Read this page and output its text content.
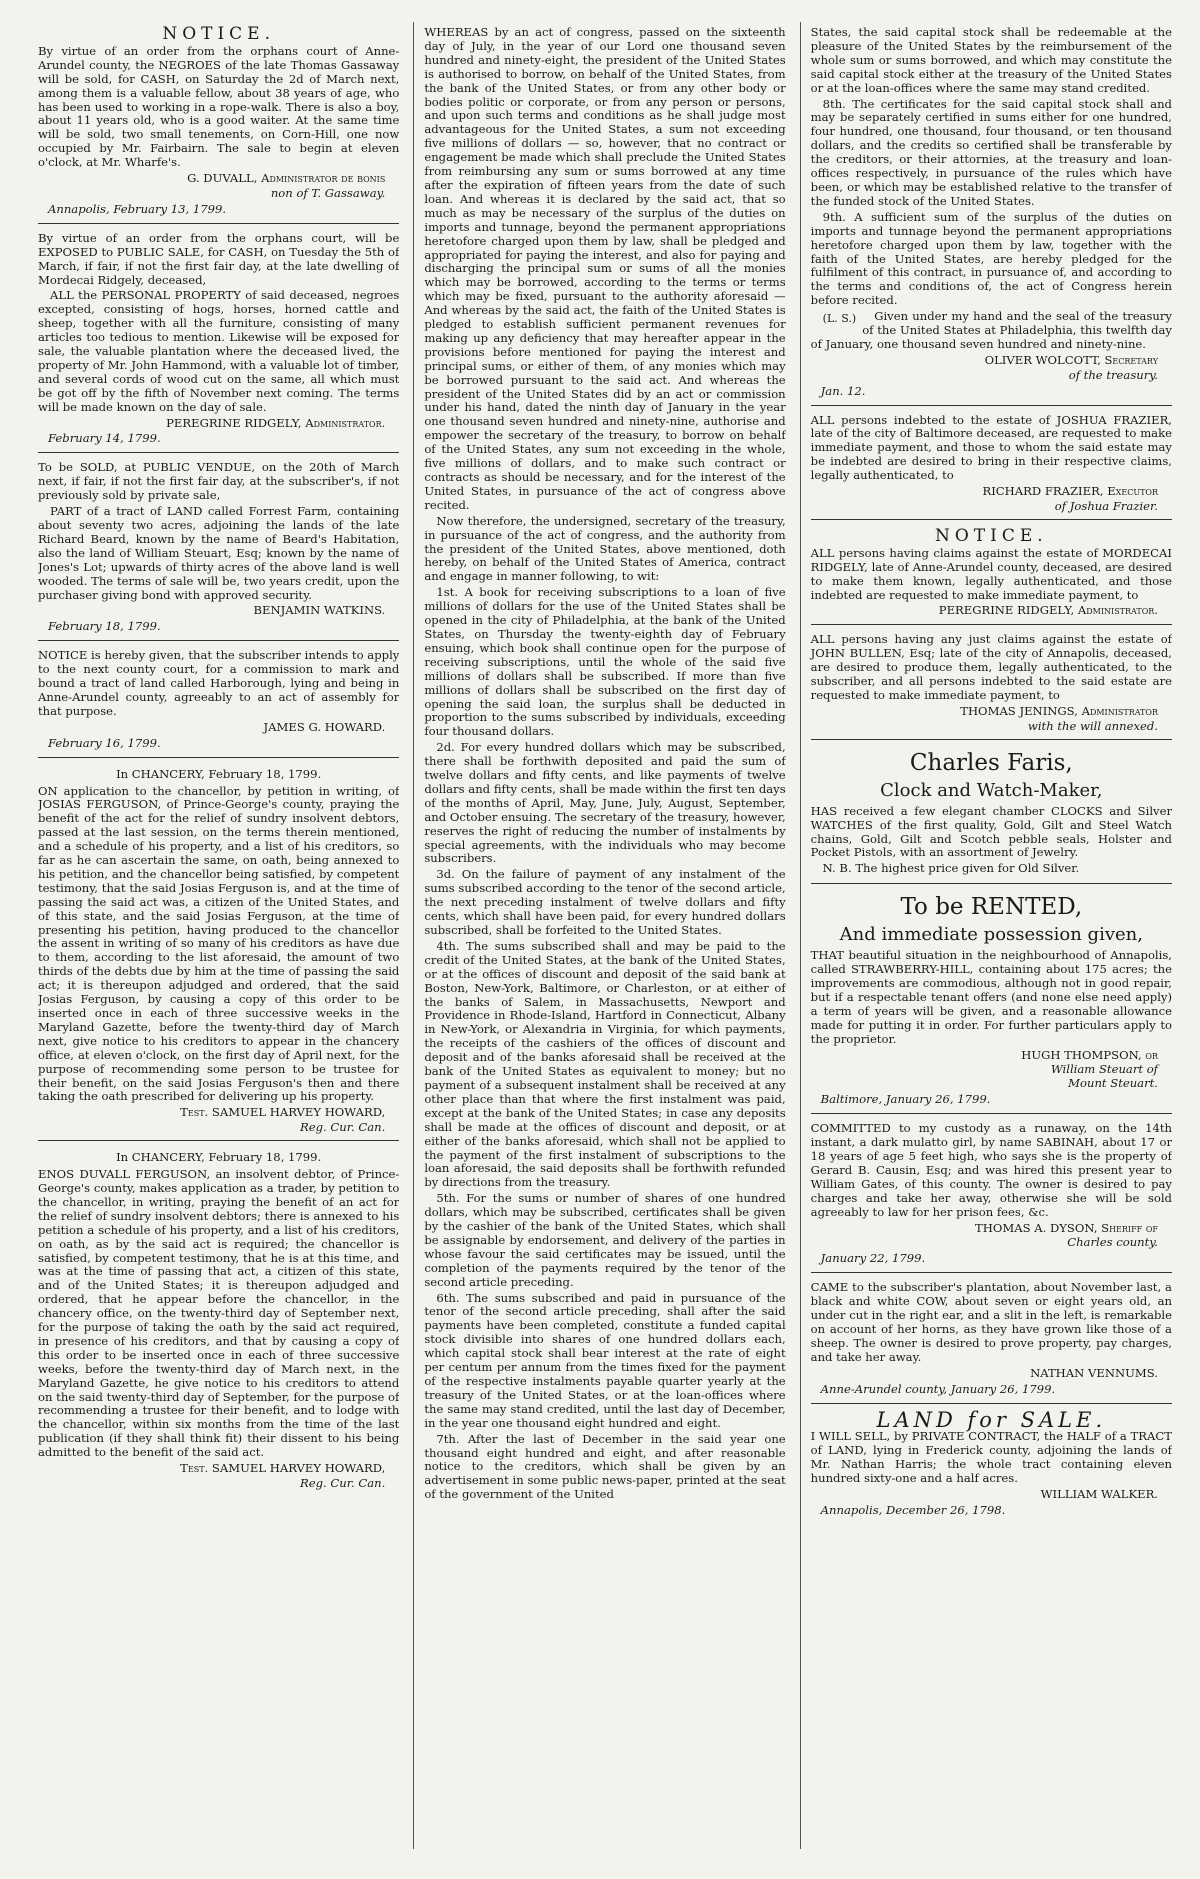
NOTICE.

By virtue of an order from the orphans court of Anne-Arundel county, the NEGROES of the late Thomas Gassaway will be sold, for CASH, on Saturday the 2d of March next, among them is a valuable fellow, about 38 years of age, who has been used to working in a rope-walk. There is also a boy, about 11 years old, who is a good waiter. At the same time will be sold, two small tenements, on Corn-Hill, one now occupied by Mr. Fairbairn. The sale to begin at eleven o'clock, at Mr. Wharfe's.

G. DUVALL, Administrator de bonis
non of T. Gassaway.
Annapolis, February 13, 1799.

By virtue of an order from the orphans court, will be EXPOSED to PUBLIC SALE, for CASH, on Tuesday the 5th of March, if fair, if not the first fair day, at the late dwelling of Mordecai Ridgely, deceased,

ALL the PERSONAL PROPERTY of said deceased, negroes excepted, consisting of hogs, horses, horned cattle and sheep, together with all the furniture, consisting of many articles too tedious to mention. Likewise will be exposed for sale, the valuable plantation where the deceased lived, the property of Mr. John Hammond, with a valuable lot of timber, and several cords of wood cut on the same, all which must be got off by the fifth of November next coming. The terms will be made known on the day of sale.

PEREGRINE RIDGELY, Administrator.
February 14, 1799.

To be SOLD, at PUBLIC VENDUE, on the 20th of March next, if fair, if not the first fair day, at the subscriber's, if not previously sold by private sale,

PART of a tract of LAND called Forrest Farm, containing about seventy two acres, adjoining the lands of the late Richard Beard, known by the name of Beard's Habitation, also the land of William Steuart, Esq; known by the name of Jones's Lot; upwards of thirty acres of the above land is well wooded. The terms of sale will be, two years credit, upon the purchaser giving bond with approved security.

BENJAMIN WATKINS.
February 18, 1799.

NOTICE is hereby given, that the subscriber intends to apply to the next county court, for a commission to mark and bound a tract of land called Harborough, lying and being in Anne-Arundel county, agreeably to an act of assembly for that purpose.

JAMES G. HOWARD.
February 16, 1799.
In CHANCERY, February 18, 1799.

ON application to the chancellor, by petition in writing, of JOSIAS FERGUSON, of Prince-George's county, praying the benefit of the act for the relief of sundry insolvent debtors, passed at the last session, on the terms therein mentioned, and a schedule of his property, and a list of his creditors, so far as he can ascertain the same, on oath, being annexed to his petition, and the chancellor being satisfied, by competent testimony, that the said Josias Ferguson is, and at the time of passing the said act was, a citizen of the United States, and of this state, and the said Josias Ferguson, at the time of presenting his petition, having produced to the chancellor the assent in writing of so many of his creditors as have due to them, according to the list aforesaid, the amount of two thirds of the debts due by him at the time of passing the said act; it is thereupon adjudged and ordered, that the said Josias Ferguson, by causing a copy of this order to be inserted once in each of three successive weeks in the Maryland Gazette, before the twenty-third day of March next, give notice to his creditors to appear in the chancery office, at eleven o'clock, on the first day of April next, for the purpose of recommending some person to be trustee for their benefit, on the said Josias Ferguson's then and there taking the oath prescribed for delivering up his property.

Test. SAMUEL HARVEY HOWARD,
Reg. Cur. Can.
In CHANCERY, February 18, 1799.

ENOS DUVALL FERGUSON, an insolvent debtor, of Prince-George's county, makes application as a trader, by petition to the chancellor, in writing, praying the benefit of an act for the relief of sundry insolvent debtors; there is annexed to his petition a schedule of his property, and a list of his creditors, on oath, as by the said act is required; the chancellor is satisfied, by competent testimony, that he is at this time, and was at the time of passing that act, a citizen of this state, and of the United States; it is thereupon adjudged and ordered, that he appear before the chancellor, in the chancery office, on the twenty-third day of September next, for the purpose of taking the oath by the said act required, in presence of his creditors, and that by causing a copy of this order to be inserted once in each of three successive weeks, before the twenty-third day of March next, in the Maryland Gazette, he give notice to his creditors to attend on the said twenty-third day of September, for the purpose of recommending a trustee for their benefit, and to lodge with the chancellor, within six months from the time of the last publication (if they shall think fit) their dissent to his being admitted to the benefit of the said act.

Test. SAMUEL HARVEY HOWARD,
Reg. Cur. Can.

WHEREAS by an act of congress, passed on the sixteenth day of July, in the year of our Lord one thousand seven hundred and ninety-eight, the president of the United States is authorised to borrow, on behalf of the United States, from the bank of the United States, or from any other body or bodies politic or corporate, or from any person or persons, and upon such terms and conditions as he shall judge most advantageous for the United States, a sum not exceeding five millions of dollars — so, however, that no contract or engagement be made which shall preclude the United States from reimbursing any sum or sums borrowed at any time after the expiration of fifteen years from the date of such loan. And whereas it is declared by the said act, that so much as may be necessary of the surplus of the duties on imports and tunnage, beyond the permanent appropriations heretofore charged upon them by law, shall be pledged and appropriated for paying the interest, and also for paying and discharging the principal sum or sums of all the monies which may be borrowed, according to the terms or terms which may be fixed, pursuant to the authority aforesaid — And whereas by the said act, the faith of the United States is pledged to establish sufficient permanent revenues for making up any deficiency that may hereafter appear in the provisions before mentioned for paying the interest and principal sums, or either of them, of any monies which may be borrowed pursuant to the said act. And whereas the president of the United States did by an act or commission under his hand, dated the ninth day of January in the year one thousand seven hundred and ninety-nine, authorise and empower the secretary of the treasury, to borrow on behalf of the United States, any sum not exceeding in the whole, five millions of dollars, and to make such contract or contracts as should be necessary, and for the interest of the United States, in pursuance of the act of congress above recited.

Now therefore, the undersigned, secretary of the treasury, in pursuance of the act of congress, and the authority from the president of the United States, above mentioned, doth hereby, on behalf of the United States of America, contract and engage in manner following, to wit:

1st. A book for receiving subscriptions to a loan of five millions of dollars for the use of the United States shall be opened in the city of Philadelphia, at the bank of the United States, on Thursday the twenty-eighth day of February ensuing, which book shall continue open for the purpose of receiving subscriptions, until the whole of the said five millions of dollars shall be subscribed. If more than five millions of dollars shall be subscribed on the first day of opening the said loan, the surplus shall be deducted in proportion to the sums subscribed by individuals, exceeding four thousand dollars.

2d. For every hundred dollars which may be subscribed, there shall be forthwith deposited and paid the sum of twelve dollars and fifty cents, and like payments of twelve dollars and fifty cents, shall be made within the first ten days of the months of April, May, June, July, August, September, and October ensuing. The secretary of the treasury, however, reserves the right of reducing the number of instalments by special agreements, with the individuals who may become subscribers.

3d. On the failure of payment of any instalment of the sums subscribed according to the tenor of the second article, the next preceding instalment of twelve dollars and fifty cents, which shall have been paid, for every hundred dollars subscribed, shall be forfeited to the United States.

4th. The sums subscribed shall and may be paid to the credit of the United States, at the bank of the United States, or at the offices of discount and deposit of the said bank at Boston, New-York, Baltimore, or Charleston, or at either of the banks of Salem, in Massachusetts, Newport and Providence in Rhode-Island, Hartford in Connecticut, Albany in New-York, or Alexandria in Virginia, for which payments, the receipts of the cashiers of the offices of discount and deposit and of the banks aforesaid shall be received at the bank of the United States as equivalent to money; but no payment of a subsequent instalment shall be received at any other place than that where the first instalment was paid, except at the bank of the United States; in case any deposits shall be made at the offices of discount and deposit, or at either of the banks aforesaid, which shall not be applied to the payment of the first instalment of subscriptions to the loan aforesaid, the said deposits shall be forthwith refunded by directions from the treasury.

5th. For the sums or number of shares of one hundred dollars, which may be subscribed, certificates shall be given by the cashier of the bank of the United States, which shall be assignable by endorsement, and delivery of the parties in whose favour the said certificates may be issued, until the completion of the payments required by the tenor of the second article preceding.

6th. The sums subscribed and paid in pursuance of the tenor of the second article preceding, shall after the said payments have been completed, constitute a funded capital stock divisible into shares of one hundred dollars each, which capital stock shall bear interest at the rate of eight per centum per annum from the times fixed for the payment of the respective instalments payable quarter yearly at the treasury of the United States, or at the loan-offices where the same may stand credited, until the last day of December, in the year one thousand eight hundred and eight.

7th. After the last of December in the said year one thousand eight hundred and eight, and after reasonable notice to the creditors, which shall be given by an advertisement in some public news-paper, printed at the seat of the government of the United

States, the said capital stock shall be redeemable at the pleasure of the United States by the reimbursement of the whole sum or sums borrowed, and which may constitute the said capital stock either at the treasury of the United States or at the loan-offices where the same may stand credited.

8th. The certificates for the said capital stock shall and may be separately certified in sums either for one hundred, four hundred, one thousand, four thousand, or ten thousand dollars, and the credits so certified shall be transferable by the creditors, or their attornies, at the treasury and loan-offices respectively, in pursuance of the rules which have been, or which may be established relative to the transfer of the funded stock of the United States.

9th. A sufficient sum of the surplus of the duties on imports and tunnage beyond the permanent appropriations heretofore charged upon them by law, together with the faith of the United States, are hereby pledged for the fulfilment of this contract, in pursuance of, and according to the terms and conditions of, the act of Congress herein before recited.

(L. S.) Given under my hand and the seal of the treasury of the United States at Philadelphia, this twelfth day of January, one thousand seven hundred and ninety-nine.

OLIVER WOLCOTT, Secretary
of the treasury.
Jan. 12.

ALL persons indebted to the estate of JOSHUA FRAZIER, late of the city of Baltimore deceased, are requested to make immediate payment, and those to whom the said estate may be indebted are desired to bring in their respective claims, legally authenticated, to

RICHARD FRAZIER, Executor
of Joshua Frazier.
NOTICE.

ALL persons having claims against the estate of MORDECAI RIDGELY, late of Anne-Arundel county, deceased, are desired to make them known, legally authenticated, and those indebted are requested to make immediate payment, to

PEREGRINE RIDGELY, Administrator.

ALL persons having any just claims against the estate of JOHN BULLEN, Esq; late of the city of Annapolis, deceased, are desired to produce them, legally authenticated, to the subscriber, and all persons indebted to the said estate are requested to make immediate payment, to

THOMAS JENINGS, Administrator
with the will annexed.
Charles Faris,
Clock and Watch-Maker,

HAS received a few elegant chamber CLOCKS and Silver WATCHES of the first quality, Gold, Gilt and Steel Watch chains, Gold, Gilt and Scotch pebble seals, Holster and Pocket Pistols, with an assortment of Jewelry.

N. B. The highest price given for Old Silver.

To be RENTED,
And immediate possession given,

THAT beautiful situation in the neighbourhood of Annapolis, called STRAWBERRY-HILL, containing about 175 acres; the improvements are commodious, although not in good repair, but if a respectable tenant offers (and none else need apply) a term of years will be given, and a reasonable allowance made for putting it in order. For further particulars apply to the proprietor.

HUGH THOMPSON, or
William Steuart of
Mount Steuart.
Baltimore, January 26, 1799.

COMMITTED to my custody as a runaway, on the 14th instant, a dark mulatto girl, by name SABINAH, about 17 or 18 years of age 5 feet high, who says she is the property of Gerard B. Causin, Esq; and was hired this present year to William Gates, of this county. The owner is desired to pay charges and take her away, otherwise she will be sold agreeably to law for her prison fees, &c.

THOMAS A. DYSON, Sheriff of
Charles county.
January 22, 1799.

CAME to the subscriber's plantation, about November last, a black and white COW, about seven or eight years old, an under cut in the right ear, and a slit in the left, is remarkable on account of her horns, as they have grown like those of a sheep. The owner is desired to prove property, pay charges, and take her away.

NATHAN VENNUMS.
Anne-Arundel county, January 26, 1799.
LAND for SALE.

I WILL SELL, by PRIVATE CONTRACT, the HALF of a TRACT of LAND, lying in Frederick county, adjoining the lands of Mr. Nathan Harris; the whole tract containing eleven hundred sixty-one and a half acres.

WILLIAM WALKER.
Annapolis, December 26, 1798.
